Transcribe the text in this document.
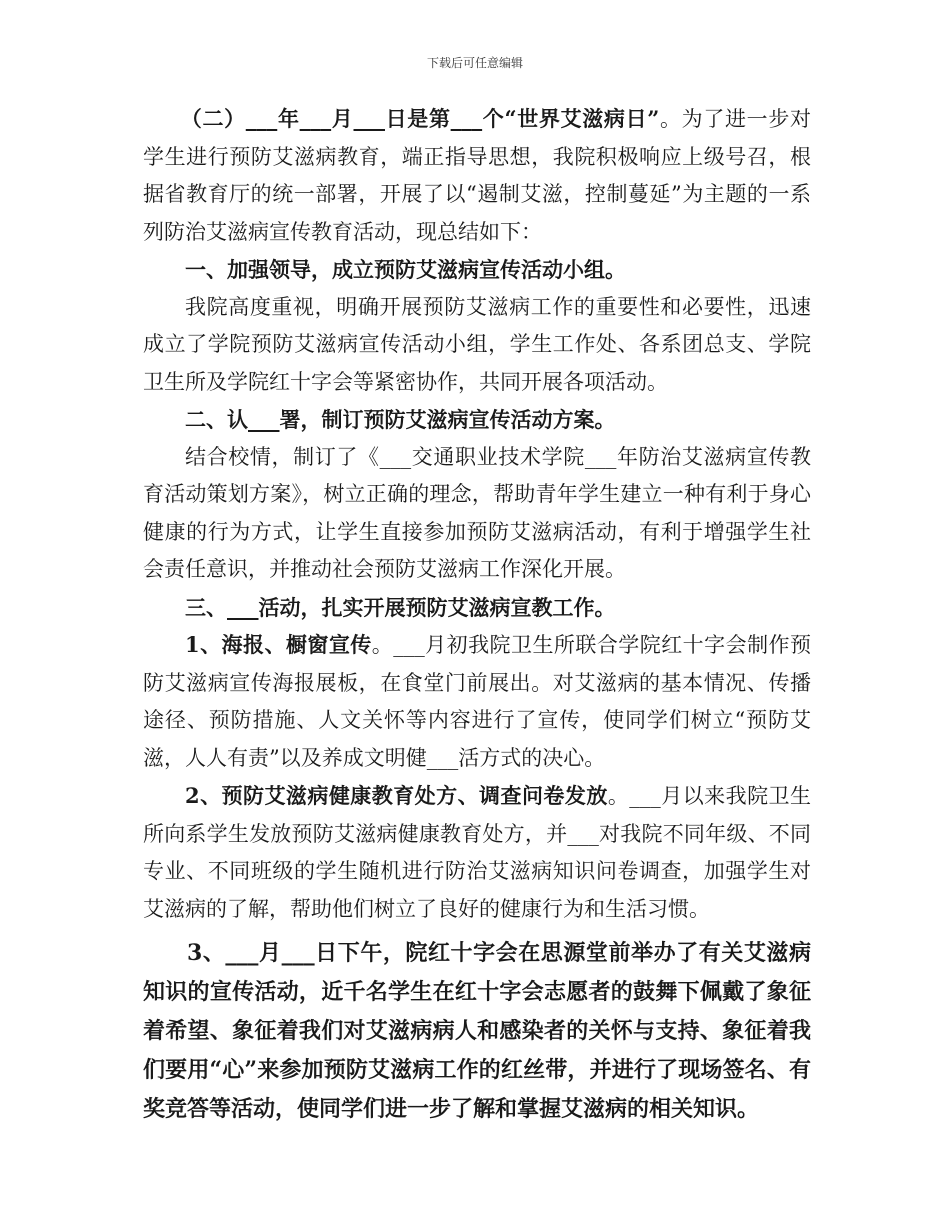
下载后可任意编辑

（二）___年___月___日是第___个“世界艾滋病日”。为了进一步对学生进行预防艾滋病教育，端正指导思想，我院积极响应上级号召，根据省教育厅的统一部署，开展了以“遏制艾滋，控制蔓延”为主题的一系列防治艾滋病宣传教育活动，现总结如下：

一、加强领导，成立预防艾滋病宣传活动小组。

我院高度重视，明确开展预防艾滋病工作的重要性和必要性，迅速成立了学院预防艾滋病宣传活动小组，学生工作处、各系团总支、学院卫生所及学院红十字会等紧密协作，共同开展各项活动。

二、认___署，制订预防艾滋病宣传活动方案。

结合校情，制订了《___交通职业技术学院___年防治艾滋病宣传教育活动策划方案》，树立正确的理念，帮助青年学生建立一种有利于身心健康的行为方式，让学生直接参加预防艾滋病活动，有利于增强学生社会责任意识，并推动社会预防艾滋病工作深化开展。

三、___活动，扎实开展预防艾滋病宣教工作。

1、海报、橱窗宣传。___月初我院卫生所联合学院红十字会制作预防艾滋病宣传海报展板，在食堂门前展出。对艾滋病的基本情况、传播途径、预防措施、人文关怀等内容进行了宣传，使同学们树立“预防艾滋，人人有责”以及养成文明健___活方式的决心。

2、预防艾滋病健康教育处方、调查问卷发放。___月以来我院卫生所向系学生发放预防艾滋病健康教育处方，并___对我院不同年级、不同专业、不同班级的学生随机进行防治艾滋病知识问卷调查，加强学生对艾滋病的了解，帮助他们树立了良好的健康行为和生活习惯。

3、___月___日下午，院红十字会在思源堂前举办了有关艾滋病知识的宣传活动，近千名学生在红十字会志愿者的鼓舞下佩戴了象征着希望、象征着我们对艾滋病病人和感染者的关怀与支持、象征着我们要用“心”来参加预防艾滋病工作的红丝带，并进行了现场签名、有奖竞答等活动，使同学们进一步了解和掌握艾滋病的相关知识。
